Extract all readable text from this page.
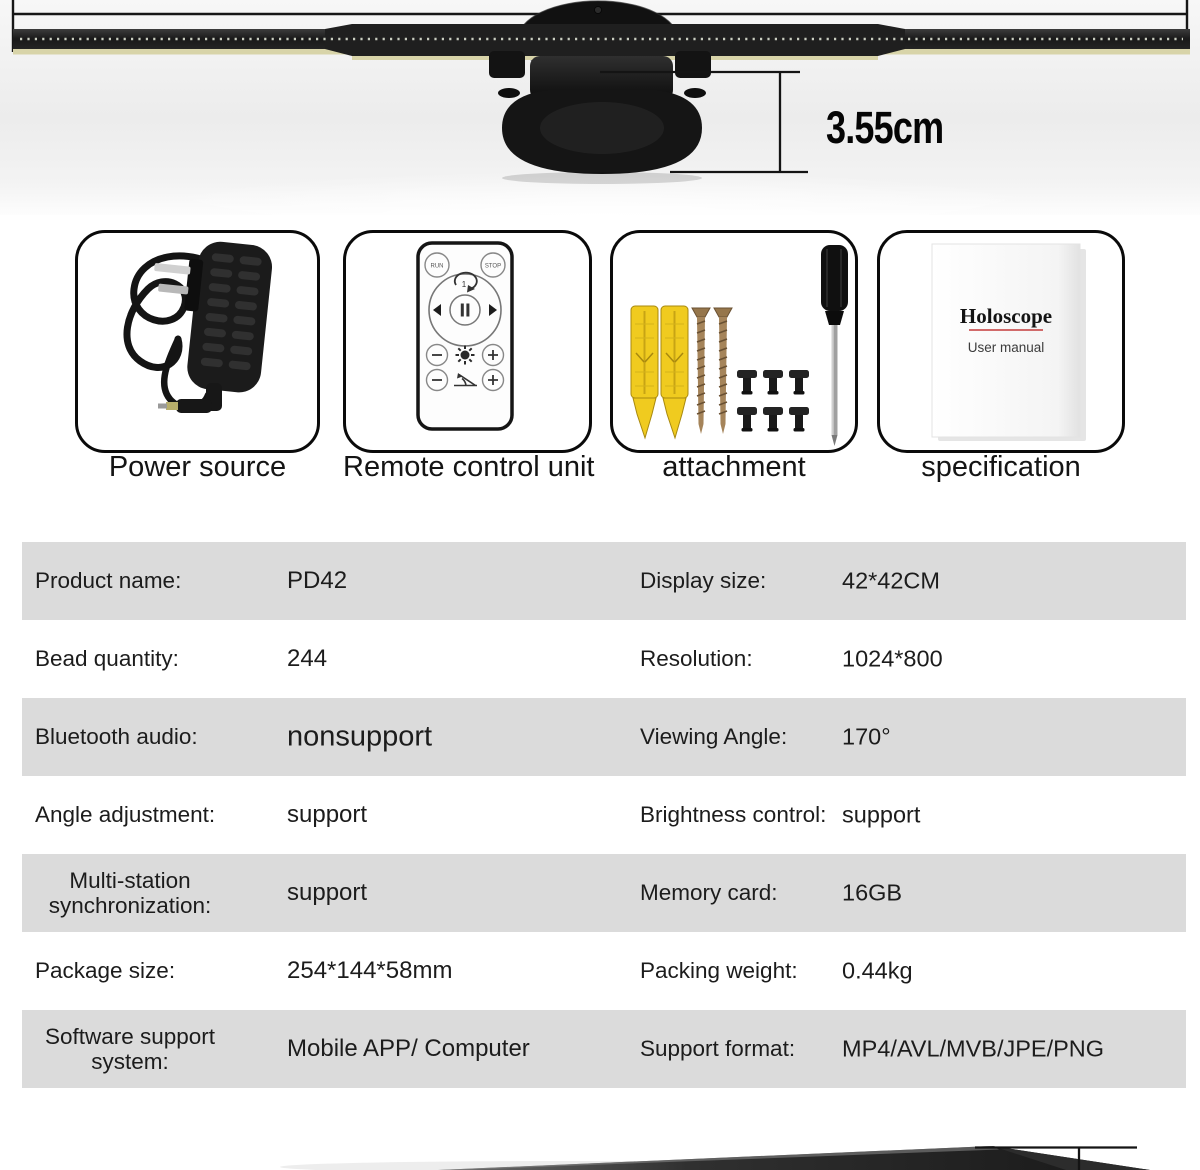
3.55cm
RUN	STOP
1
Holoscope
User manual
Power source	Remote control unit	attachment	specification
Product name:	PD42	Display size:	42*42CM
Bead quantity:	244	Resolution:	1024*800
Bluetooth audio:	nonsupport	Viewing Angle: 170°
Angle adjustment:	support	Brightness control: support
Multi-station synchronization:	support	Memory card:	16GB
Package size:	254*144*58mm	Packing weight: 0.44kg
Software support system:	Mobile APP/ Computer	Support format: MP4/AVL/MVB/JPE/PNG
